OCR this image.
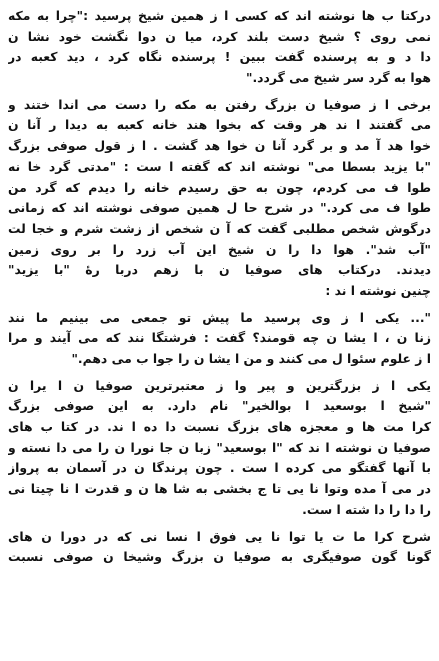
درکتا ب ها نوشته اند که کسی ا ز همین شیخ پرسید :"چرا به مکه
نمی روی ؟ شیخ دست بلند کرد، میا ن دوا نگشت خود نشا ن
دا د و به پرسنده گفت ببین ! پرسنده نگاه کرد ، دید کعبه در
هوا به گرد سر شیخ می گردد."

برخی ا ز صوفیا ن بزرگ رفتن به مکه را دست می اندا ختند و
می گفتند ا ند هر وقت که بخوا هند خانه کعبه به دیدا ر آنا ن
خوا هد آ مد و بر گرد آنا ن خوا هد گشت . ا ز قول صوفی بزرگ
"با یزید بسطا می" نوشته اند که گفته ا ست : "مدتی گرد خا نه
طوا ف می کردم، چون به حق رسیدم خانه را دیدم که گرد من
طوا ف می کرد." در شرح حا ل همین صوفی نوشته اند که زمانی
درگوش شخص مطلبی گفت که آ ن شخص از زشت شرم و خجا لت
"آب شد". هوا دا را ن شیخ این آب زرد را بر روی زمین
دیدند. درکتاب های صوفیا ن با زهم دربا رهٔ "با یزید"
چنین نوشته ا ند :

"... یکی ا ز وی پرسید ما پیش تو جمعی می بینیم ما نند
زنا ن ، ا یشا ن چه قومند؟ گفت : فرشتگا نند که می آیند و مرا
ا ز علوم سئوا ل می کنند و من ا یشا ن را جوا ب می دهم."

یکی ا ز بزرگترین و پیر وا ز معتبرترین صوفیا ن ا یرا ن
"شیخ ا بوسعید ا بوالخیر" نام دارد. به این صوفی بزرگ
کرا مت ها و معجزه های بزرگ نسبت دا ده ا ند. در کتا ب های
صوفیا ن نوشته ا ند که "ا بوسعید" زبا ن جا نورا ن را می دا نسته و
با آنها گفتگو می کرده ا ست . چون پرندگا ن در آسمان به پرواز
در می آ مده وتوا نا یی تا ج بخشی به شا ها ن و قدرت ا نا چیتا نی
را دا را دا شته ا ست.

شرح کرا ما ت یا توا نا یی فوق ا نسا نی که در دورا ن های
گونا گون صوفیگری به صوفیا ن بزرگ وشیخا ن صوفی نسبت
